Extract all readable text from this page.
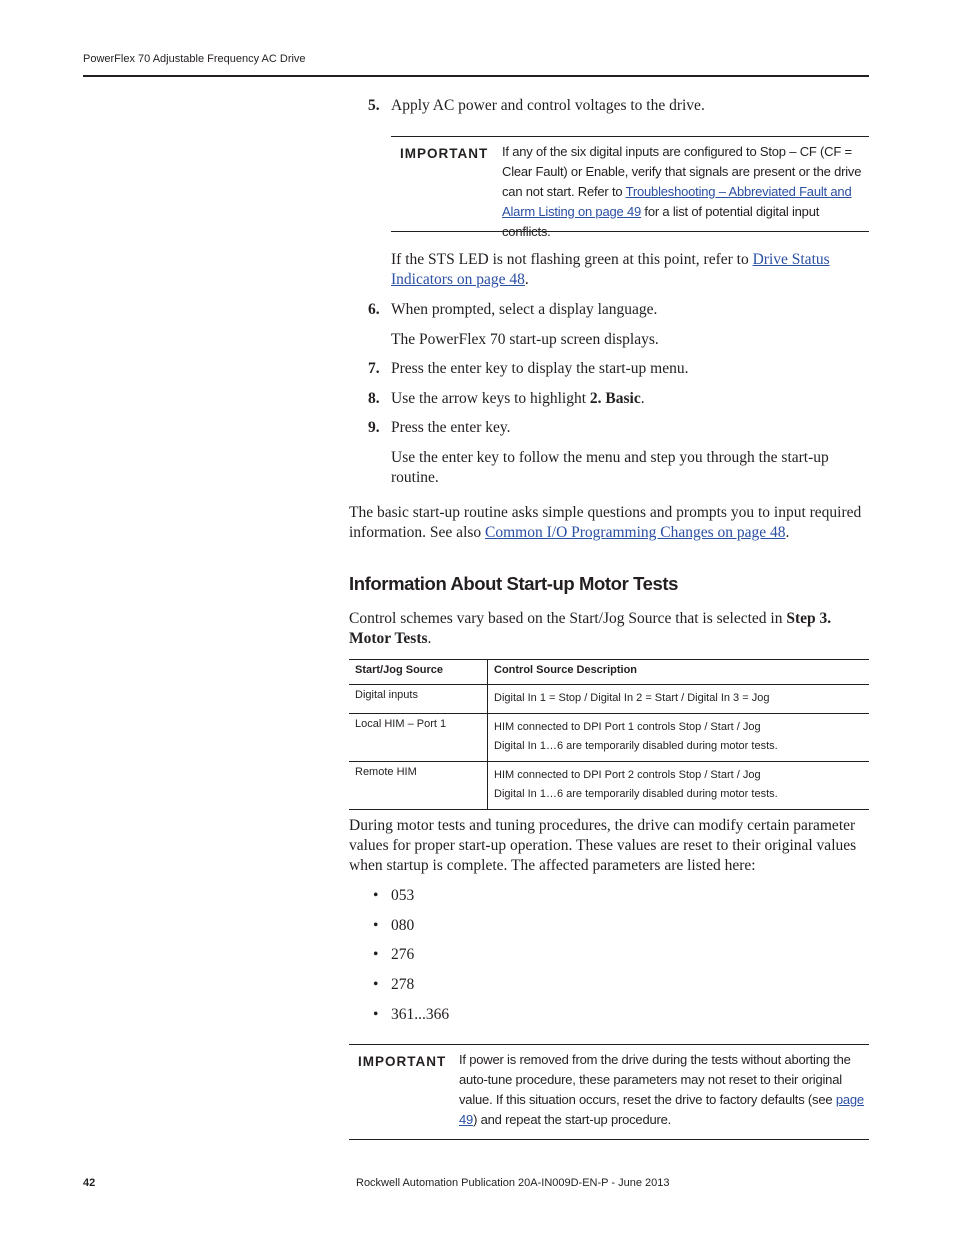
PowerFlex 70 Adjustable Frequency AC Drive
5. Apply AC power and control voltages to the drive.
IMPORTANT If any of the six digital inputs are configured to Stop – CF (CF = Clear Fault) or Enable, verify that signals are present or the drive can not start. Refer to Troubleshooting – Abbreviated Fault and Alarm Listing on page 49 for a list of potential digital input conflicts.
If the STS LED is not flashing green at this point, refer to Drive Status Indicators on page 48.
6. When prompted, select a display language.
The PowerFlex 70 start-up screen displays.
7. Press the enter key to display the start-up menu.
8. Use the arrow keys to highlight 2. Basic.
9. Press the enter key.
Use the enter key to follow the menu and step you through the start-up routine.
The basic start-up routine asks simple questions and prompts you to input required information. See also Common I/O Programming Changes on page 48.
Information About Start-up Motor Tests
Control schemes vary based on the Start/Jog Source that is selected in Step 3. Motor Tests.
Start/Jog Source	Control Source Description
Digital inputs	Digital In 1 = Stop / Digital In 2 = Start / Digital In 3 = Jog

Local HIM – Port 1	HIM connected to DPI Port 1 controls Stop / Start / Jog
Digital In 1…6 are temporarily disabled during motor tests.

Remote HIM	HIM connected to DPI Port 2 controls Stop / Start / Jog
Digital In 1…6 are temporarily disabled during motor tests.
During motor tests and tuning procedures, the drive can modify certain parameter values for proper start-up operation. These values are reset to their original values when startup is complete. The affected parameters are listed here:
• 053
• 080
• 276
• 278
• 361...366
IMPORTANT If power is removed from the drive during the tests without aborting the auto-tune procedure, these parameters may not reset to their original value. If this situation occurs, reset the drive to factory defaults (see page 49) and repeat the start-up procedure.
42	Rockwell Automation Publication 20A-IN009D-EN-P - June 2013
